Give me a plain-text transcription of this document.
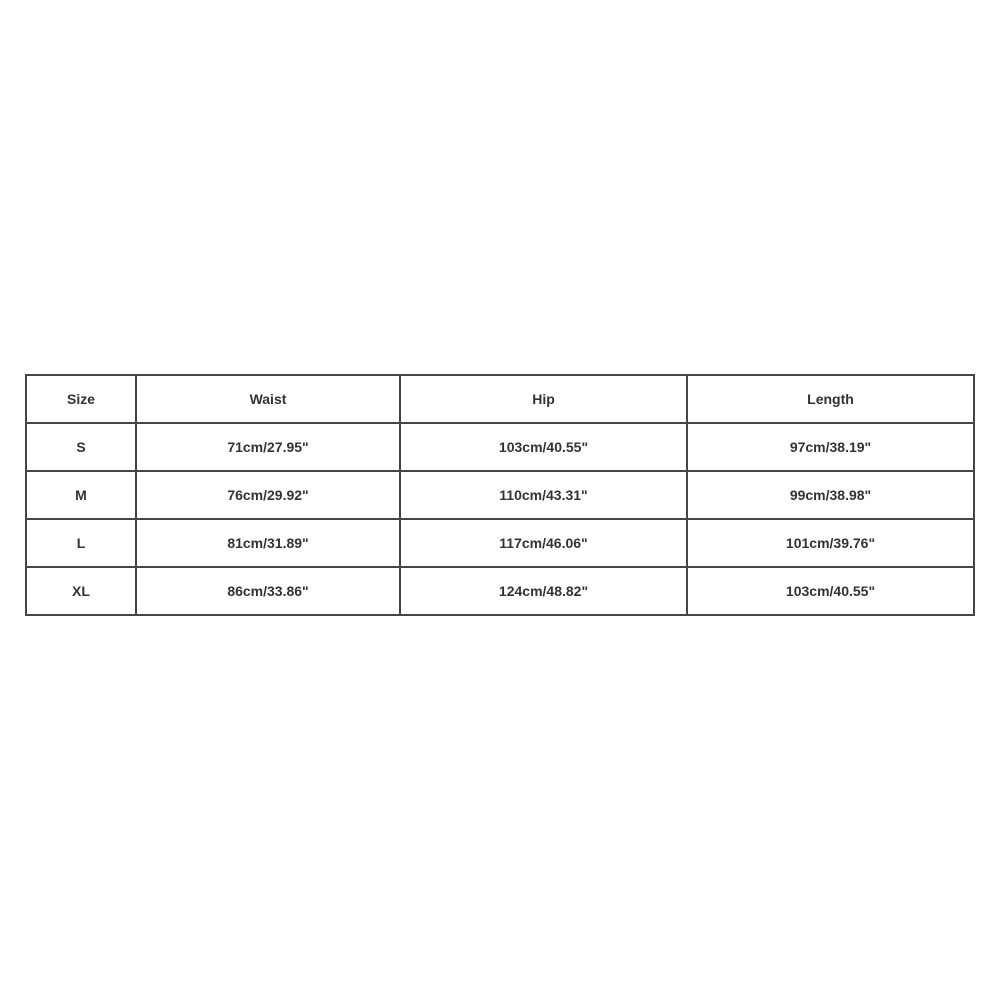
Size	Waist	Hip	Length
S	71cm/27.95"	103cm/40.55"	97cm/38.19"
M	76cm/29.92"	110cm/43.31"	99cm/38.98"
L	81cm/31.89"	117cm/46.06"	101cm/39.76"
XL	86cm/33.86"	124cm/48.82"	103cm/40.55"
